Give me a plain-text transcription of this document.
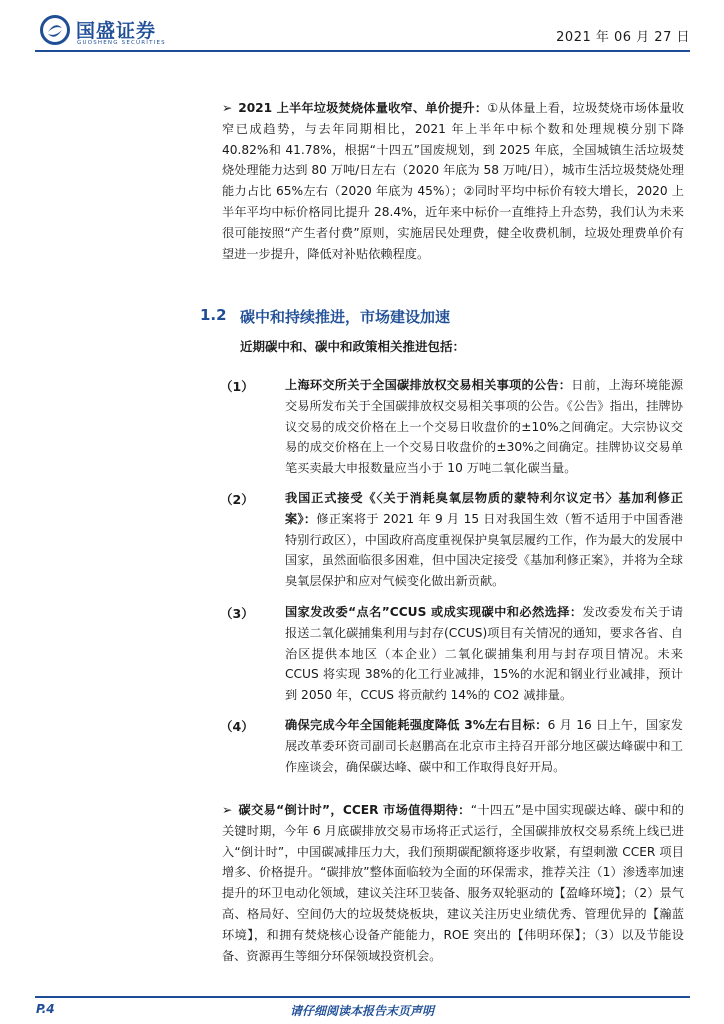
国盛证券
GUOSHENG SECURITIES	2021 年 06 月 27 日
➢ 2021 上半年垃圾焚烧体量收窄、单价提升：①从体量上看，垃圾焚烧市场体量收窄已成趋势，与去年同期相比，2021 年上半年中标个数和处理规模分别下降 40.82%和 41.78%，根据“十四五”国废规划，到 2025 年底，全国城镇生活垃圾焚烧处理能力达到 80 万吨/日左右（2020 年底为 58 万吨/日），城市生活垃圾焚烧处理能力占比 65%左右（2020 年底为 45%）；②同时平均中标价有较大增长，2020 上半年平均中标价格同比提升 28.4%，近年来中标价一直维持上升态势，我们认为未来很可能按照“产生者付费”原则，实施居民处理费，健全收费机制，垃圾处理费单价有望进一步提升，降低对补贴依赖程度。
1.2 碳中和持续推进，市场建设加速
近期碳中和、碳中和政策相关推进包括：
（1）	上海环交所关于全国碳排放权交易相关事项的公告：日前，上海环境能源交易所发布关于全国碳排放权交易相关事项的公告。《公告》指出，挂牌协议交易的成交价格在上一个交易日收盘价的±10%之间确定。大宗协议交易的成交价格在上一个交易日收盘价的±30%之间确定。挂牌协议交易单笔买卖最大申报数量应当小于 10 万吨二氧化碳当量。
（2）	我国正式接受《〈关于消耗臭氧层物质的蒙特利尔议定书〉基加利修正案》：修正案将于 2021 年 9 月 15 日对我国生效（暂不适用于中国香港特别行政区），中国政府高度重视保护臭氧层履约工作，作为最大的发展中国家，虽然面临很多困难，但中国决定接受《基加利修正案》，并将为全球臭氧层保护和应对气候变化做出新贡献。
（3）	国家发改委“点名”CCUS 或成实现碳中和必然选择：发改委发布关于请报送二氧化碳捕集利用与封存(CCUS)项目有关情况的通知，要求各省、自治区提供本地区（本企业）二氧化碳捕集利用与封存项目情况。未来 CCUS 将实现 38%的化工行业减排，15%的水泥和钢业行业减排，预计到 2050 年，CCUS 将贡献约 14%的 CO2 减排量。
（4）	确保完成今年全国能耗强度降低 3%左右目标：6 月 16 日上午，国家发展改革委环资司副司长赵鹏高在北京市主持召开部分地区碳达峰碳中和工作座谈会，确保碳达峰、碳中和工作取得良好开局。
➢ 碳交易“倒计时”，CCER 市场值得期待：“十四五”是中国实现碳达峰、碳中和的关键时期，今年 6 月底碳排放交易市场将正式运行，全国碳排放权交易系统上线已进入“倒计时”，中国碳减排压力大，我们预期碳配额将逐步收紧，有望刺激 CCER 项目增多、价格提升。“碳排放”整体面临较为全面的环保需求，推荐关注（1）渗透率加速提升的环卫电动化领域，建议关注环卫装备、服务双轮驱动的【盈峰环境】；（2）景气高、格局好、空间仍大的垃圾焚烧板块，建议关注历史业绩优秀、管理优异的【瀚蓝环境】，和拥有焚烧核心设备产能能力，ROE 突出的【伟明环保】；（3）以及节能设备、资源再生等细分环保领域投资机会。
P.4	请仔细阅读本报告末页声明
